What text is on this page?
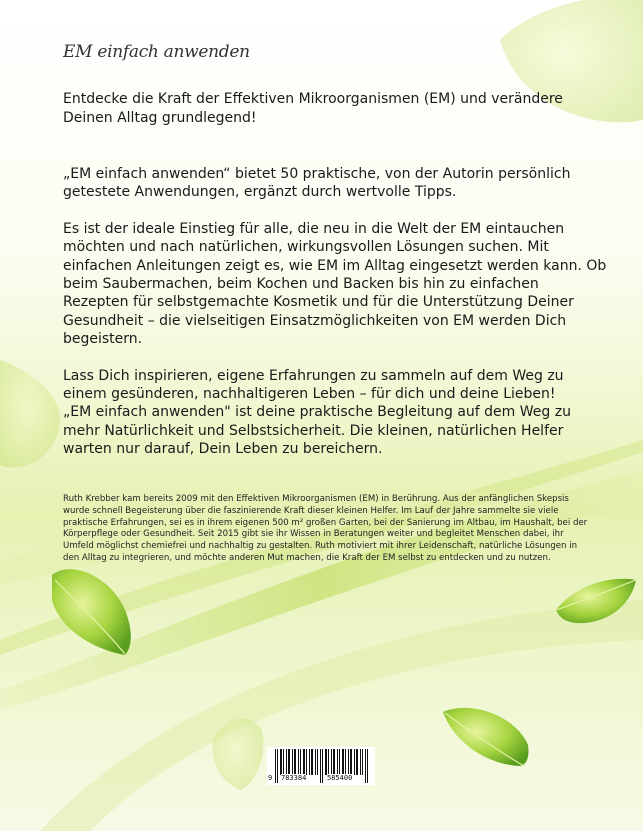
EM einfach anwenden

Entdecke die Kraft der Effektiven Mikroorganismen (EM) und verändere Deinen Alltag grundlegend!

„EM einfach anwenden“ bietet 50 praktische, von der Autorin persönlich getestete Anwendungen, ergänzt durch wertvolle Tipps.

Es ist der ideale Einstieg für alle, die neu in die Welt der EM eintauchen möchten und nach natürlichen, wirkungsvollen Lösungen suchen. Mit einfachen Anleitungen zeigt es, wie EM im Alltag eingesetzt werden kann. Ob beim Saubermachen, beim Kochen und Backen bis hin zu einfachen Rezepten für selbstgemachte Kosmetik und für die Unterstützung Deiner Gesundheit – die vielseitigen Einsatzmöglichkeiten von EM werden Dich begeistern.

Lass Dich inspirieren, eigene Erfahrungen zu sammeln auf dem Weg zu einem gesünderen, nachhaltigeren Leben – für dich und deine Lieben!

„EM einfach anwenden" ist deine praktische Begleitung auf dem Weg zu mehr Natürlichkeit und Selbstsicherheit. Die kleinen, natürlichen Helfer warten nur darauf, Dein Leben zu bereichern.

Ruth Krebber kam bereits 2009 mit den Effektiven Mikroorganismen (EM) in Berührung. Aus der anfänglichen Skepsis wurde schnell Begeisterung über die faszinierende Kraft dieser kleinen Helfer. Im Lauf der Jahre sammelte sie viele praktische Erfahrungen, sei es in ihrem eigenen 500 m² großen Garten, bei der Sanierung im Altbau, im Haushalt, bei der Körperpflege oder Gesundheit. Seit 2015 gibt sie ihr Wissen in Beratungen weiter und begleitet Menschen dabei, ihr Umfeld möglichst chemiefrei und nachhaltig zu gestalten. Ruth motiviert mit ihrer Leidenschaft, natürliche Lösungen in den Alltag zu integrieren, und möchte anderen Mut machen, die Kraft der EM selbst zu entdecken und zu nutzen.

9 783384	585400
